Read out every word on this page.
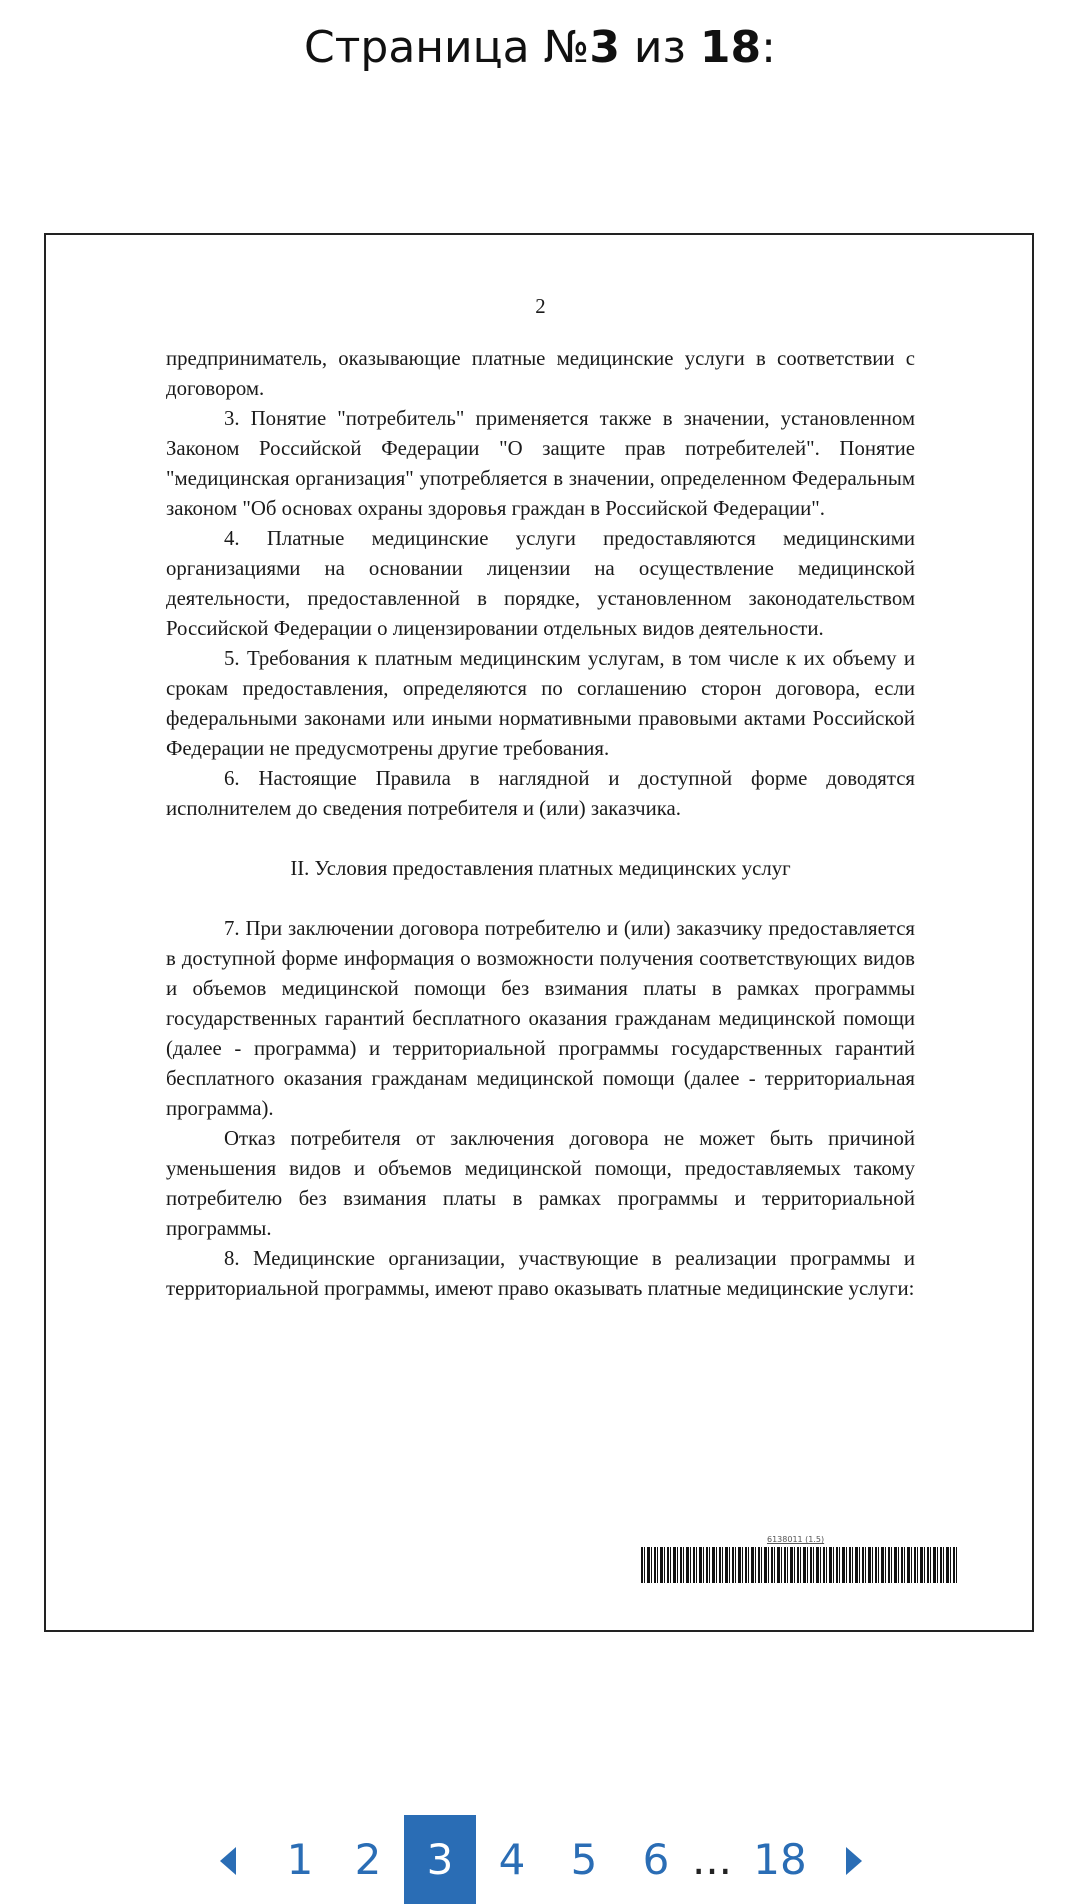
Страница №3 из 18:
2

предприниматель, оказывающие платные медицинские услуги в соответствии с договором.

3. Понятие "потребитель" применяется также в значении, установленном Законом Российской Федерации "О защите прав потребителей". Понятие "медицинская организация" употребляется в значении, определенном Федеральным законом "Об основах охраны здоровья граждан в Российской Федерации".

4. Платные медицинские услуги предоставляются медицинскими организациями на основании лицензии на осуществление медицинской деятельности, предоставленной в порядке, установленном законодательством Российской Федерации о лицензировании отдельных видов деятельности.

5. Требования к платным медицинским услугам, в том числе к их объему и срокам предоставления, определяются по соглашению сторон договора, если федеральными законами или иными нормативными правовыми актами Российской Федерации не предусмотрены другие требования.

6. Настоящие Правила в наглядной и доступной форме доводятся исполнителем до сведения потребителя и (или) заказчика.

II. Условия предоставления платных медицинских услуг

7. При заключении договора потребителю и (или) заказчику предоставляется в доступной форме информация о возможности получения соответствующих видов и объемов медицинской помощи без взимания платы в рамках программы государственных гарантий бесплатного оказания гражданам медицинской помощи (далее - программа) и территориальной программы государственных гарантий бесплатного оказания гражданам медицинской помощи (далее - территориальная программа).

Отказ потребителя от заключения договора не может быть причиной уменьшения видов и объемов медицинской помощи, предоставляемых такому потребителю без взимания платы в рамках программы и территориальной программы.

8. Медицинские организации, участвующие в реализации программы и территориальной программы, имеют право оказывать платные медицинские услуги:

6138011 (1.5)
1 2	3	4	5	6 ... 18
